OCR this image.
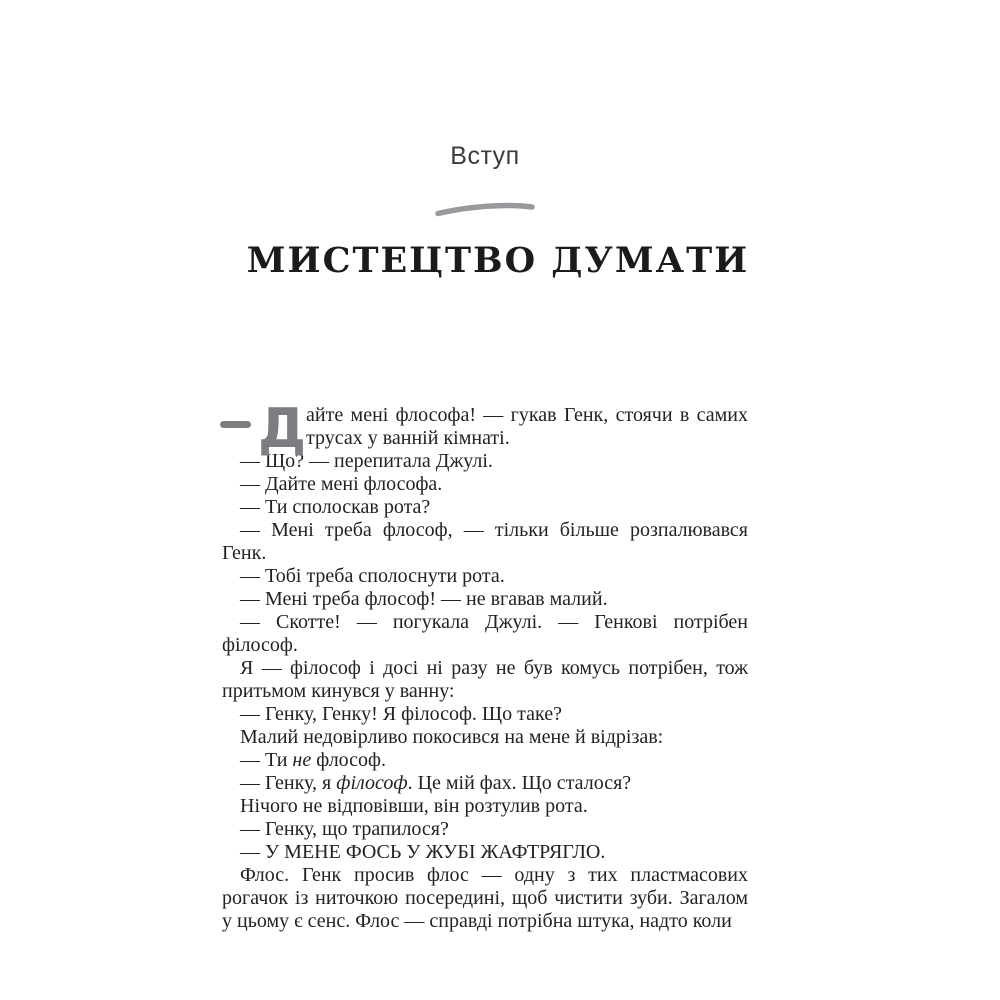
Вступ
МИСТЕЦТВО ДУМАТИ

Д айте мені флософа! — гукав Генк, стоячи в самих трусах у ванній кімнаті.

— Що? — перепитала Джулі.

— Дайте мені флософа.

— Ти сполоскав рота?

— Мені треба флософ, — тільки більше розпалювався Генк.

— Тобі треба сполоснути рота.

— Мені треба флософ! — не вгавав малий.

— Скотте! — погукала Джулі. — Генкові потрібен філософ.

Я — філософ і досі ні разу не був комусь потрібен, тож притьмом кинувся у ванну:

— Генку, Генку! Я філософ. Що таке?

Малий недовірливо покосився на мене й відрізав:

— Ти не флософ.

— Генку, я філософ. Це мій фах. Що сталося?

Нічого не відповівши, він розтулив рота.

— Генку, що трапилося?

— У МЕНЕ ФОСЬ У ЖУБІ ЖАФТРЯГЛО.

Флос. Генк просив флос — одну з тих пластмасових рогачок із ниточкою посередині, щоб чистити зуби. Загалом у цьому є сенс. Флос — справді потрібна штука, надто коли
